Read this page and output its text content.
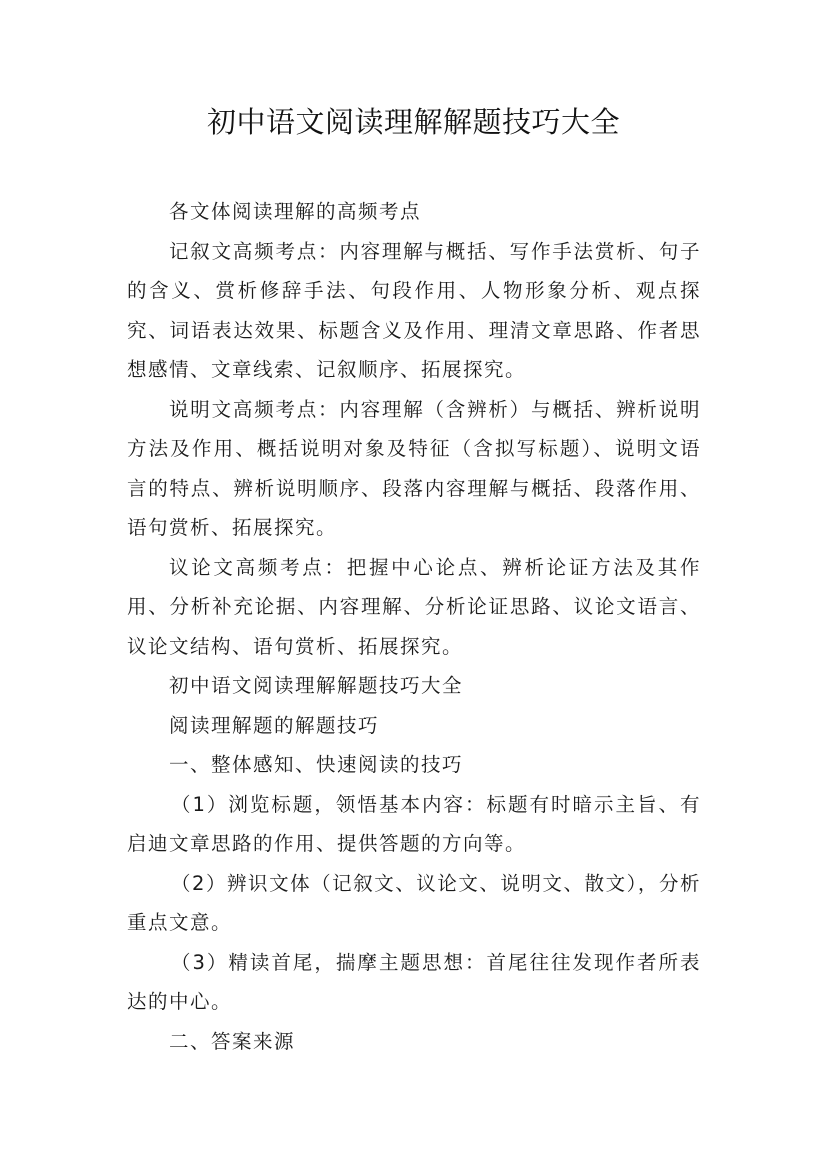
初中语文阅读理解解题技巧大全

各文体阅读理解的高频考点

记叙文高频考点：内容理解与概括、写作手法赏析、句子的含义、赏析修辞手法、句段作用、人物形象分析、观点探究、词语表达效果、标题含义及作用、理清文章思路、作者思想感情、文章线索、记叙顺序、拓展探究。

说明文高频考点：内容理解（含辨析）与概括、辨析说明方法及作用、概括说明对象及特征（含拟写标题）、说明文语言的特点、辨析说明顺序、段落内容理解与概括、段落作用、语句赏析、拓展探究。

议论文高频考点：把握中心论点、辨析论证方法及其作用、分析补充论据、内容理解、分析论证思路、议论文语言、议论文结构、语句赏析、拓展探究。

初中语文阅读理解解题技巧大全

阅读理解题的解题技巧

一、整体感知、快速阅读的技巧

（1）浏览标题，领悟基本内容：标题有时暗示主旨、有启迪文章思路的作用、提供答题的方向等。

（2）辨识文体（记叙文、议论文、说明文、散文），分析重点文意。

（3）精读首尾，揣摩主题思想：首尾往往发现作者所表达的中心。

二、答案来源
